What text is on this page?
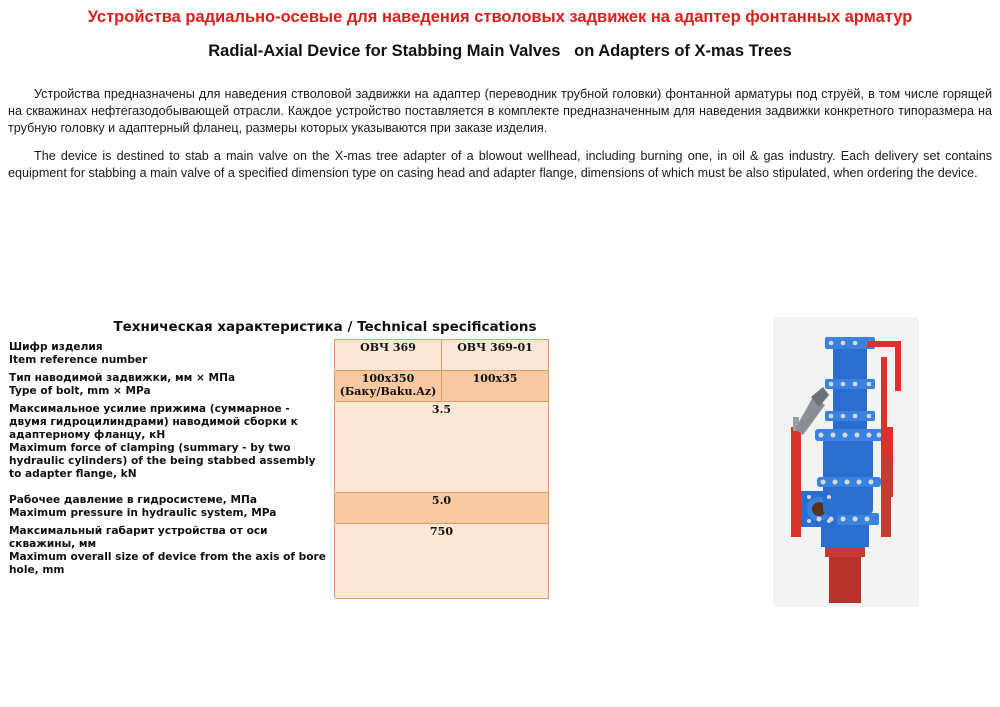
Устройства радиально-осевые для наведения стволовых задвижек на адаптер фонтанных арматур
Radial-Axial Device for Stabbing Main Valves   on Adapters of X-mas Trees

Устройства предназначены для наведения стволовой задвижки на адаптер (переводник трубной головки) фонтанной арматуры под струёй, в том числе горящей на скважинах нефтегазодобывающей отрасли. Каждое устройство поставляется в комплекте предназначенным для наведения задвижки конкретного типоразмера на трубную головку и адаптерный фланец, размеры которых указываются при заказе изделия.

The device is destined to stab a main valve on the X-mas tree adapter of a blowout wellhead, including burning one, in oil & gas industry. Each delivery set contains equipment for stabbing a main valve of a specified dimension type on casing head and adapter flange, dimensions of which must be also stipulated, when ordering the device.

Техническая характеристика / Technical specifications
Шифр изделия
Item reference number	ОВЧ 369	ОВЧ 369-01

Тип наводимой задвижки, мм × МПа
Type of bolt, mm × MPa	100х350 (Баку/Baku.Az)	100х35

Максимальное усилие прижима (суммарное - двумя гидроцилиндрами) наводимой сборки к адаптерному фланцу, кН
Maximum force of clamping (summary - by two hydraulic cylinders) of the being stabbed assembly to adapter flange, kN	3.5	

Рабочее давление в гидросистеме, МПа
Maximum pressure in hydraulic system, MPa	5.0	

Максимальный габарит устройства от оси скважины, мм
Maximum overall size of device from the axis of bore hole, mm	750	
